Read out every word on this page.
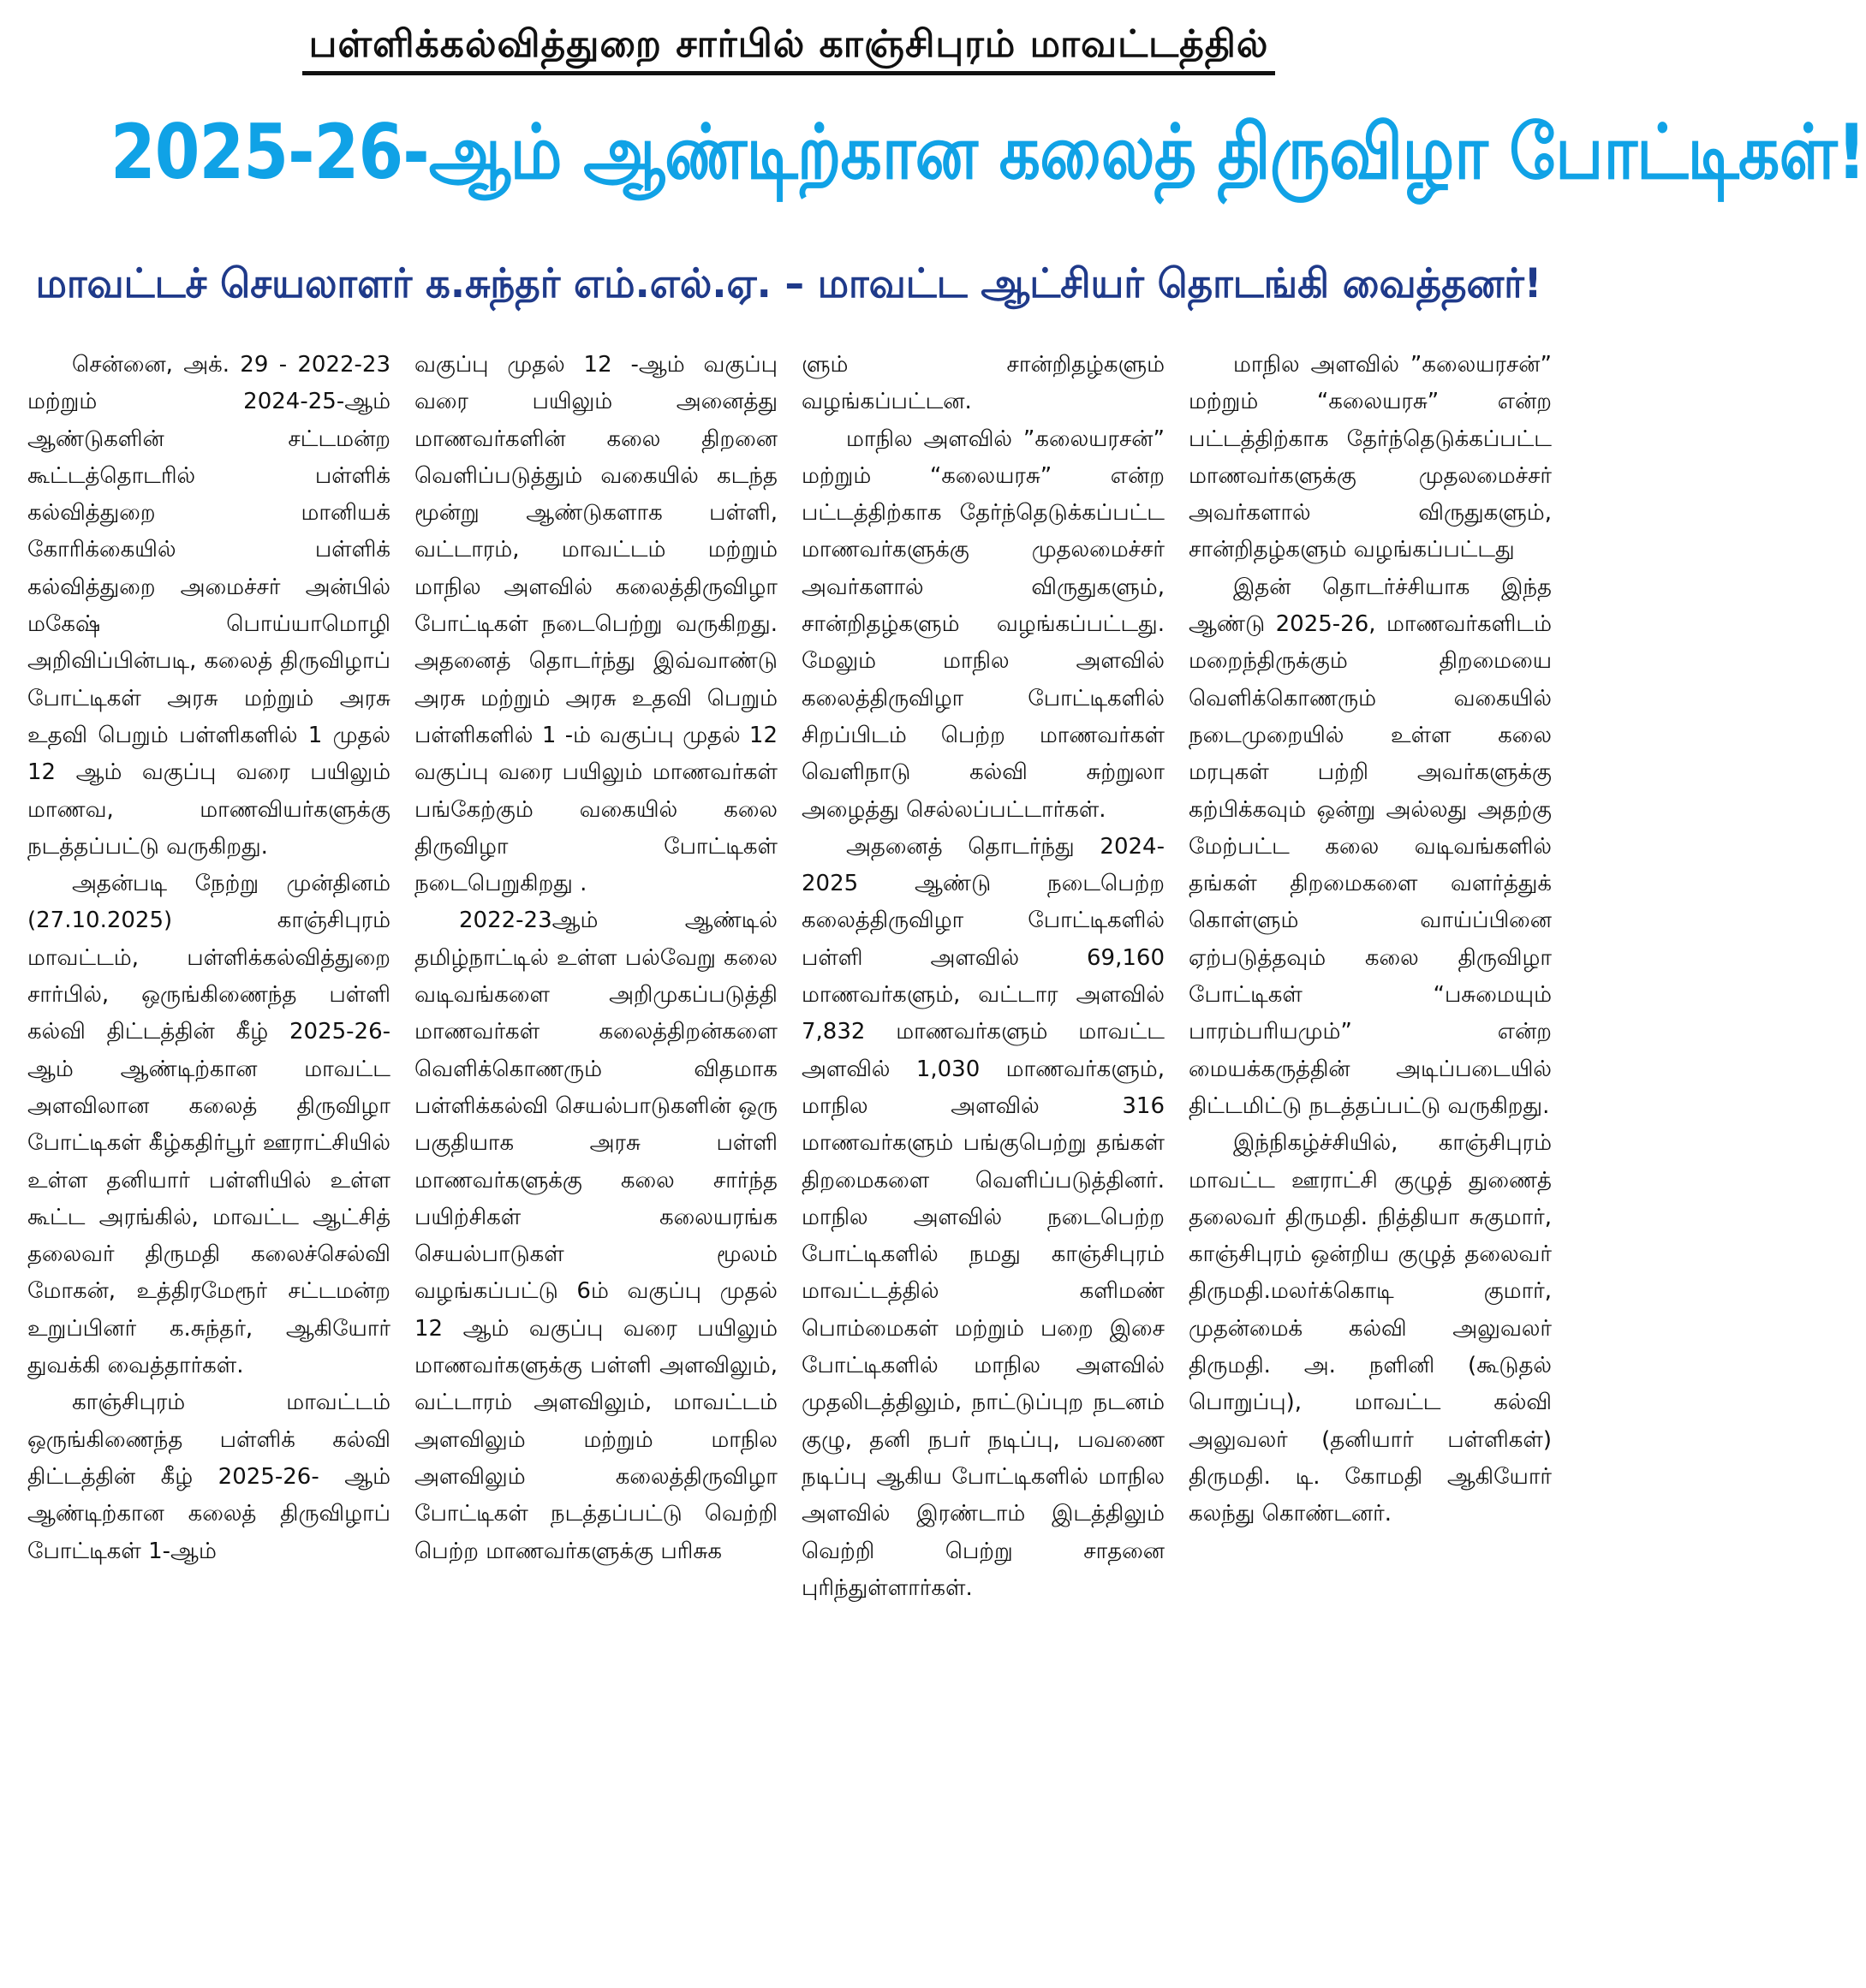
பள்ளிக்கல்வித்துறை சார்பில் காஞ்சிபுரம் மாவட்டத்தில்
2025-26-ஆம் ஆண்டிற்கான கலைத் திருவிழா போட்டிகள்!
மாவட்டச் செயலாளர் க.சுந்தர் எம்.எல்.ஏ. – மாவட்ட ஆட்சியர் தொடங்கி வைத்தனர்!

சென்னை, அக். 29 - 2022-23 மற்றும் 2024-25-ஆம் ஆண்டுகளின் சட்டமன்ற கூட்டத்தொடரில் பள்ளிக் கல்வித்துறை மானியக் கோரிக்கையில் பள்ளிக் கல்வித்துறை அமைச்சர் அன்பில் மகேஷ் பொய்யாமொழி அறிவிப்பின்படி, கலைத் திருவிழாப் போட்டிகள் அரசு மற்றும் அரசு உதவி பெறும் பள்ளிகளில் 1 முதல் 12 ஆம் வகுப்பு வரை பயிலும் மாணவ, மாணவியர்களுக்கு நடத்தப்பட்டு வருகிறது.

அதன்படி நேற்று முன்தினம் (27.10.2025) காஞ்சிபுரம் மாவட்டம், பள்ளிக்கல்வித்துறை சார்பில், ஒருங்கிணைந்த பள்ளி கல்வி திட்டத்தின் கீழ் 2025-26-ஆம் ஆண்டிற்கான மாவட்ட அளவிலான கலைத் திருவிழா போட்டிகள் கீழ்கதிர்பூர் ஊராட்சியில் உள்ள தனியார் பள்ளியில் உள்ள கூட்ட அரங்கில், மாவட்ட ஆட்சித் தலைவர் திருமதி கலைச்செல்வி மோகன், உத்திரமேரூர் சட்டமன்ற உறுப்பினர் க.சுந்தர், ஆகியோர் துவக்கி வைத்தார்கள்.

காஞ்சிபுரம் மாவட்டம் ஒருங்கிணைந்த பள்ளிக் கல்வி திட்டத்தின் கீழ் 2025-26- ஆம் ஆண்டிற்கான கலைத் திருவிழாப் போட்டிகள் 1-ஆம்

வகுப்பு முதல் 12 -ஆம் வகுப்பு வரை பயிலும் அனைத்து மாணவர்களின் கலை திறனை வெளிப்படுத்தும் வகையில் கடந்த மூன்று ஆண்டுகளாக பள்ளி, வட்டாரம், மாவட்டம் மற்றும் மாநில அளவில் கலைத்திருவிழா போட்டிகள் நடைபெற்று வருகிறது. அதனைத் தொடர்ந்து இவ்வாண்டு அரசு மற்றும் அரசு உதவி பெறும் பள்ளிகளில் 1 -ம் வகுப்பு முதல் 12 வகுப்பு வரை பயிலும் மாணவர்கள் பங்கேற்கும் வகையில் கலை திருவிழா போட்டிகள் நடைபெறுகிறது .

2022-23ஆம் ஆண்டில் தமிழ்நாட்டில் உள்ள பல்வேறு கலை வடிவங்களை அறிமுகப்படுத்தி மாணவர்கள் கலைத்திறன்களை வெளிக்கொணரும் விதமாக பள்ளிக்கல்வி செயல்பாடுகளின் ஒரு பகுதியாக அரசு பள்ளி மாணவர்களுக்கு கலை சார்ந்த பயிற்சிகள் கலையரங்க செயல்பாடுகள் மூலம் வழங்கப்பட்டு 6ம் வகுப்பு முதல் 12 ஆம் வகுப்பு வரை பயிலும் மாணவர்களுக்கு பள்ளி அளவிலும், வட்டாரம் அளவிலும், மாவட்டம் அளவிலும் மற்றும் மாநில அளவிலும் கலைத்திருவிழா போட்டிகள் நடத்தப்பட்டு வெற்றி பெற்ற மாணவர்களுக்கு பரிசுக

ளும் சான்றிதழ்களும் வழங்கப்பட்டன.

மாநில அளவில் ”கலையரசன்” மற்றும் “கலையரசு” என்ற பட்டத்திற்காக தேர்ந்தெடுக்கப்பட்ட மாணவர்களுக்கு முதலமைச்சர் அவர்களால் விருதுகளும், சான்றிதழ்களும் வழங்கப்பட்டது. மேலும் மாநில அளவில் கலைத்திருவிழா போட்டிகளில் சிறப்பிடம் பெற்ற மாணவர்கள் வெளிநாடு கல்வி சுற்றுலா அழைத்து செல்லப்பட்டார்கள்.

அதனைத் தொடர்ந்து 2024-2025 ஆண்டு நடைபெற்ற கலைத்திருவிழா போட்டிகளில் பள்ளி அளவில் 69,160 மாணவர்களும், வட்டார அளவில் 7,832 மாணவர்களும் மாவட்ட அளவில் 1,030 மாணவர்களும், மாநில அளவில் 316 மாணவர்களும் பங்குபெற்று தங்கள் திறமைகளை வெளிப்படுத்தினர். மாநில அளவில் நடைபெற்ற போட்டிகளில் நமது காஞ்சிபுரம் மாவட்டத்தில் களிமண் பொம்மைகள் மற்றும் பறை இசை போட்டிகளில் மாநில அளவில் முதலிடத்திலும், நாட்டுப்புற நடனம் குழு, தனி நபர் நடிப்பு, பவணை நடிப்பு ஆகிய போட்டிகளில் மாநில அளவில் இரண்டாம் இடத்திலும் வெற்றி பெற்று சாதனை புரிந்துள்ளார்கள்.

மாநில அளவில் ”கலையரசன்” மற்றும் “கலையரசு” என்ற பட்டத்திற்காக தேர்ந்தெடுக்கப்பட்ட மாணவர்களுக்கு முதலமைச்சர் அவர்களால் விருதுகளும், சான்றிதழ்களும் வழங்கப்பட்டது

இதன் தொடர்ச்சியாக இந்த ஆண்டு 2025-26, மாணவர்களிடம் மறைந்திருக்கும் திறமையை வெளிக்கொணரும் வகையில் நடைமுறையில் உள்ள கலை மரபுகள் பற்றி அவர்களுக்கு கற்பிக்கவும் ஒன்று அல்லது அதற்கு மேற்பட்ட கலை வடிவங்களில் தங்கள் திறமைகளை வளர்த்துக் கொள்ளும் வாய்ப்பினை ஏற்படுத்தவும் கலை திருவிழா போட்டிகள் “பசுமையும் பாரம்பரியமும்” என்ற மையக்கருத்தின் அடிப்படையில் திட்டமிட்டு நடத்தப்பட்டு வருகிறது.

இந்நிகழ்ச்சியில், காஞ்சிபுரம் மாவட்ட ஊராட்சி குழுத் துணைத் தலைவர் திருமதி. நித்தியா சுகுமார், காஞ்சிபுரம் ஒன்றிய குழுத் தலைவர் திருமதி.மலர்க்கொடி குமார், முதன்மைக் கல்வி அலுவலர் திருமதி. அ. நளினி (கூடுதல் பொறுப்பு), மாவட்ட கல்வி அலுவலர் (தனியார் பள்ளிகள்) திருமதி. டி. கோமதி ஆகியோர் கலந்து கொண்டனர்.
